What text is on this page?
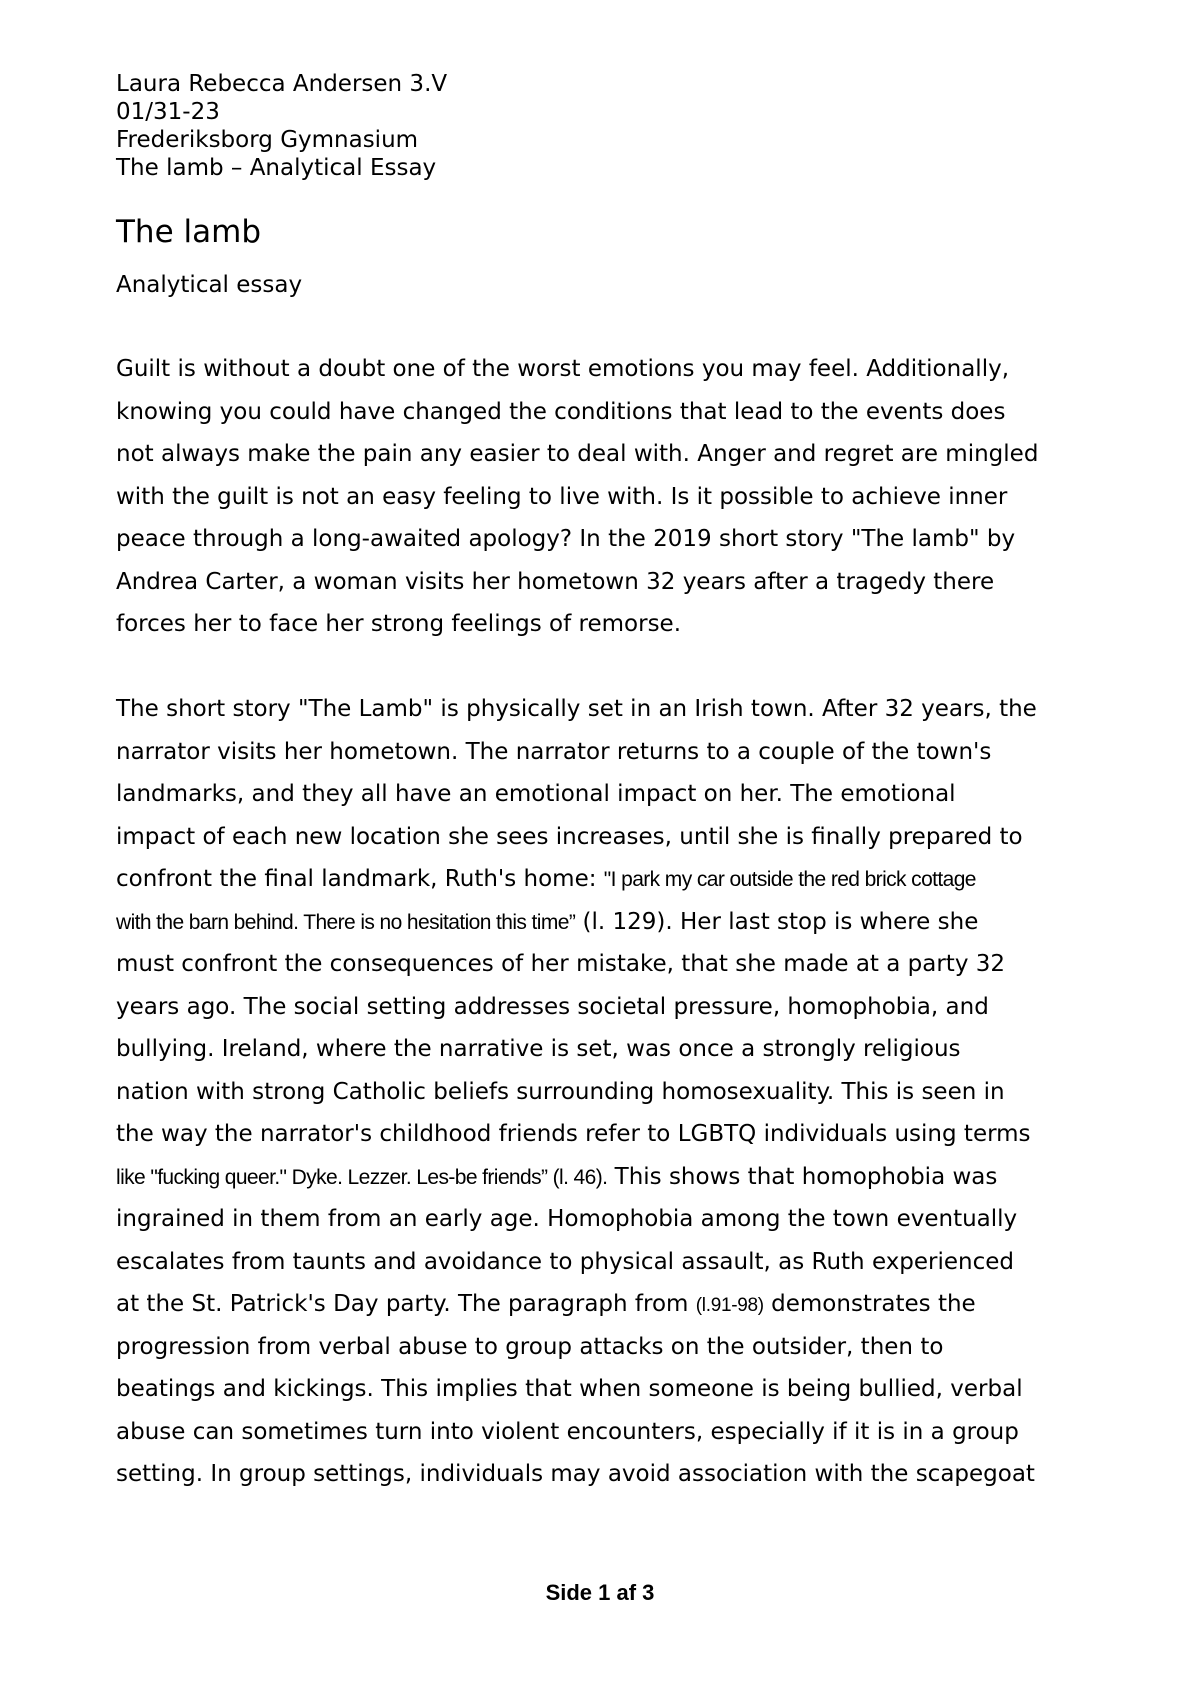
Laura Rebecca Andersen 3.V
01/31-23
Frederiksborg Gymnasium
The lamb – Analytical Essay
The lamb
Analytical essay
Guilt is without a doubt one of the worst emotions you may feel. Additionally,
knowing you could have changed the conditions that lead to the events does
not always make the pain any easier to deal with. Anger and regret are mingled
with the guilt is not an easy feeling to live with. Is it possible to achieve inner
peace through a long-awaited apology? In the 2019 short story "The lamb" by
Andrea Carter, a woman visits her hometown 32 years after a tragedy there
forces her to face her strong feelings of remorse.
The short story "The Lamb" is physically set in an Irish town. After 32 years, the
narrator visits her hometown. The narrator returns to a couple of the town's
landmarks, and they all have an emotional impact on her. The emotional
impact of each new location she sees increases, until she is finally prepared to
confront the final landmark, Ruth's home: "I park my car outside the red brick cottage
with the barn behind. There is no hesitation this time” (l. 129). Her last stop is where she
must confront the consequences of her mistake, that she made at a party 32
years ago. The social setting addresses societal pressure, homophobia, and
bullying. Ireland, where the narrative is set, was once a strongly religious
nation with strong Catholic beliefs surrounding homosexuality. This is seen in
the way the narrator's childhood friends refer to LGBTQ individuals using terms
like "fucking queer." Dyke. Lezzer. Les-be friends” (l. 46). This shows that homophobia was
ingrained in them from an early age. Homophobia among the town eventually
escalates from taunts and avoidance to physical assault, as Ruth experienced
at the St. Patrick's Day party. The paragraph from (l.91-98) demonstrates the
progression from verbal abuse to group attacks on the outsider, then to
beatings and kickings. This implies that when someone is being bullied, verbal
abuse can sometimes turn into violent encounters, especially if it is in a group
setting. In group settings, individuals may avoid association with the scapegoat
Side 1 af 3
